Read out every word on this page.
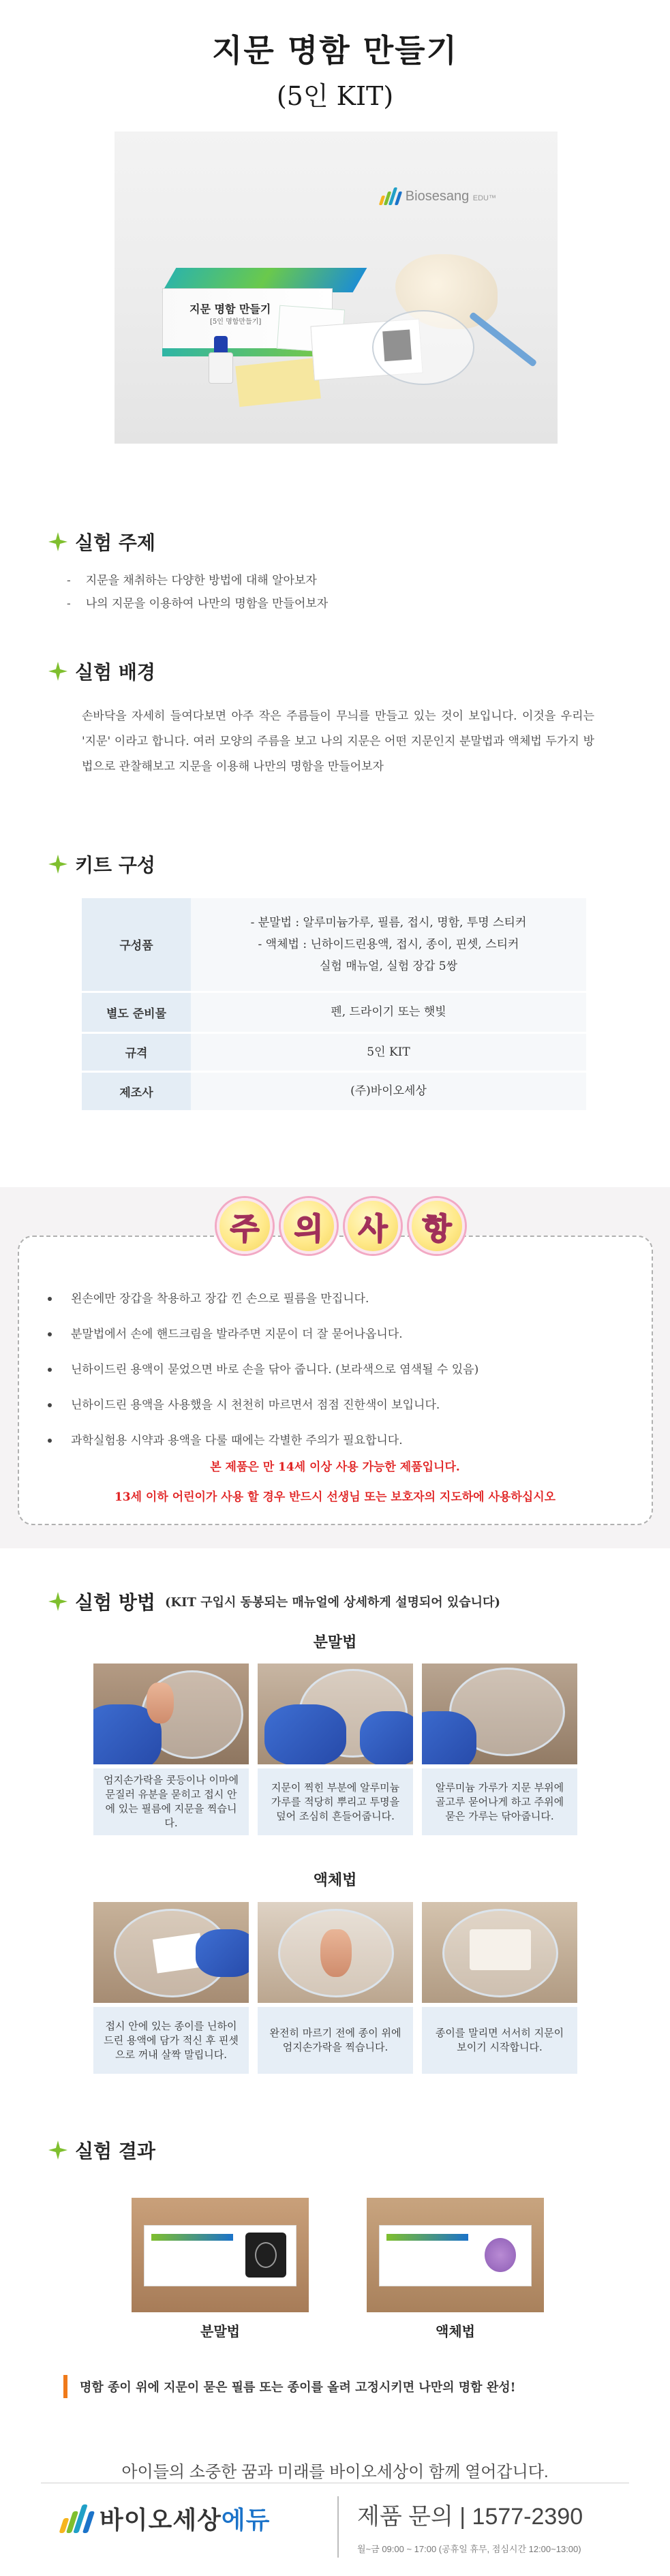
지문 명함 만들기
(5인 KIT)
Biosesang EDU™
지문 명함 만들기
[5인 명함만들기]
실험 주제
- 지문을 채취하는 다양한 방법에 대해 알아보자
- 나의 지문을 이용하여 나만의 명함을 만들어보자
실험 배경

손바닥을 자세히 들여다보면 아주 작은 주름들이 무늬를 만들고 있는 것이 보입니다. 이것을 우리는 '지문' 이라고 합니다. 여러 모양의 주름을 보고 나의 지문은 어떤 지문인지 분말법과 액체법 두가지 방법으로 관찰해보고 지문을 이용해 나만의 명함을 만들어보자

키트 구성
구성품	- 분말법 : 알루미늄가루, 필름, 접시, 명함, 투명 스티커
- 액체법 : 닌하이드린용액, 접시, 종이, 핀셋, 스티커
실험 매뉴얼, 실험 장갑 5쌍

별도 준비물	펜, 드라이기 또는 햇빛
규격	5인 KIT
제조사	(주)바이오세상
주	의	사	항
왼손에만 장갑을 착용하고 장갑 낀 손으로 필름을 만집니다.
분말법에서 손에 핸드크림을 발라주면 지문이 더 잘 묻어나옵니다.
닌하이드린 용액이 묻었으면 바로 손을 닦아 줍니다. (보라색으로 염색될 수 있음)
닌하이드린 용액을 사용했을 시 천천히 마르면서 점점 진한색이 보입니다.
과학실험용 시약과 용액을 다룰 때에는 각별한 주의가 필요합니다.
본 제품은 만 14세 이상 사용 가능한 제품입니다.
13세 이하 어린이가 사용 할 경우 반드시 선생님 또는 보호자의 지도하에 사용하십시오
실험 방법 (KIT 구입시 동봉되는 매뉴얼에 상세하게 설명되어 있습니다)
분말법
엄지손가락을 콧등이나 이마에 문질러 유분을 묻히고 접시 안에 있는 필름에 지문을 찍습니다.
지문이 찍힌 부분에 알루미늄 가루를 적당히 뿌리고 투명을 덮어 조심히 흔들어줍니다.
알루미늄 가루가 지문 부위에 골고루 묻어나게 하고 주위에 묻은 가루는 닦아줍니다.
액체법
접시 안에 있는 종이를 닌하이드린 용액에 담가 적신 후 핀셋으로 꺼내 살짝 말립니다.
완전히 마르기 전에 종이 위에 엄지손가락을 찍습니다.
종이를 말리면 서서히 지문이 보이기 시작합니다.
실험 결과
분말법	액체법
명함 종이 위에 지문이 묻은 필름 또는 종이를 올려 고정시키면 나만의 명함 완성!
아이들의 소중한 꿈과 미래를 바이오세상이 함께 열어갑니다.
바이오세상에듀	제품 문의 | 1577-2390
월~금 09:00 ~ 17:00 (공휴일 휴무, 점심시간 12:00~13:00)
